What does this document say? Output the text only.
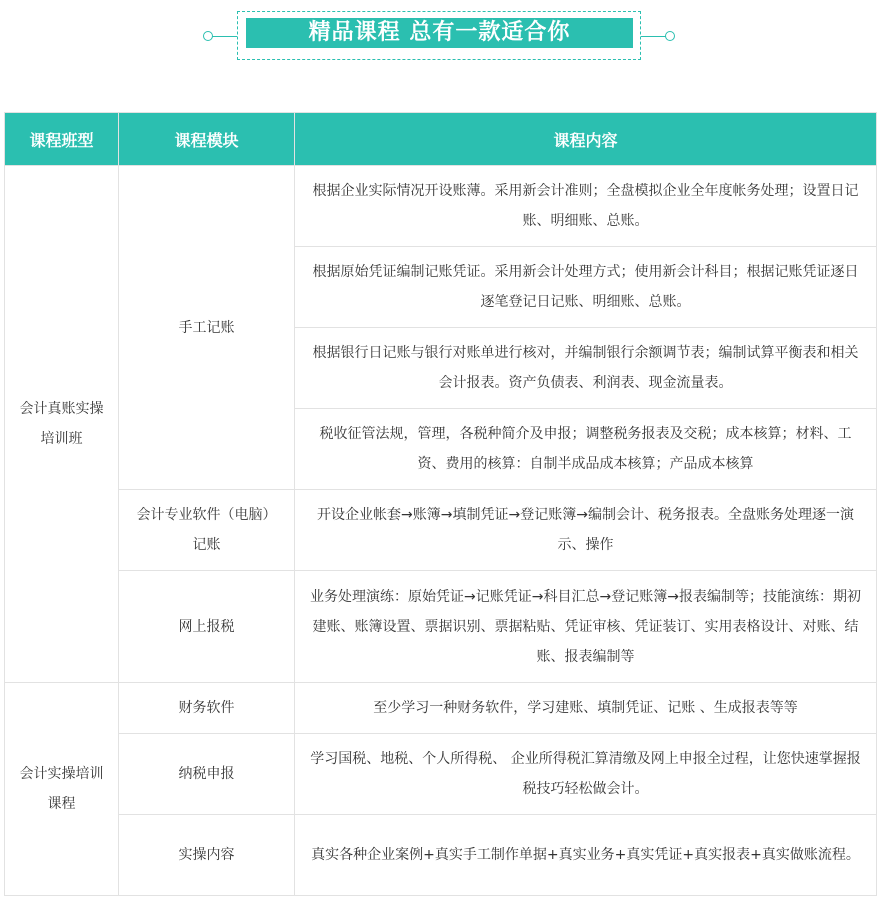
精品课程 总有一款适合你
课程班型	课程模块	课程内容
会计真账实操培训班	手工记账	根据企业实际情况开设账薄。采用新会计准则；全盘模拟企业全年度帐务处理；设置日记账、明细账、总账。
		根据原始凭证编制记账凭证。采用新会计处理方式；使用新会计科目；根据记账凭证逐日逐笔登记日记账、明细账、总账。
		根据银行日记账与银行对账单进行核对，并编制银行余额调节表；编制试算平衡表和相关会计报表。资产负债表、利润表、现金流量表。
		税收征管法规，管理，各税种简介及申报；调整税务报表及交税；成本核算；材料、工资、费用的核算：自制半成品成本核算；产品成本核算
	会计专业软件（电脑）记账	开设企业帐套→账簿→填制凭证→登记账簿→编制会计、税务报表。全盘账务处理逐一演示、操作
	网上报税	业务处理演练：原始凭证→记账凭证→科目汇总→登记账簿→报表编制等；技能演练：期初建账、账簿设置、票据识别、票据粘贴、凭证审核、凭证装订、实用表格设计、对账、结账、报表编制等
会计实操培训课程	财务软件	至少学习一种财务软件，学习建账、填制凭证、记账 、生成报表等等
	纳税申报	学习国税、地税、个人所得税、 企业所得税汇算清缴及网上申报全过程，让您快速掌握报税技巧轻松做会计。
	实操内容	真实各种企业案例+真实手工制作单据+真实业务+真实凭证+真实报表+真实做账流程。
